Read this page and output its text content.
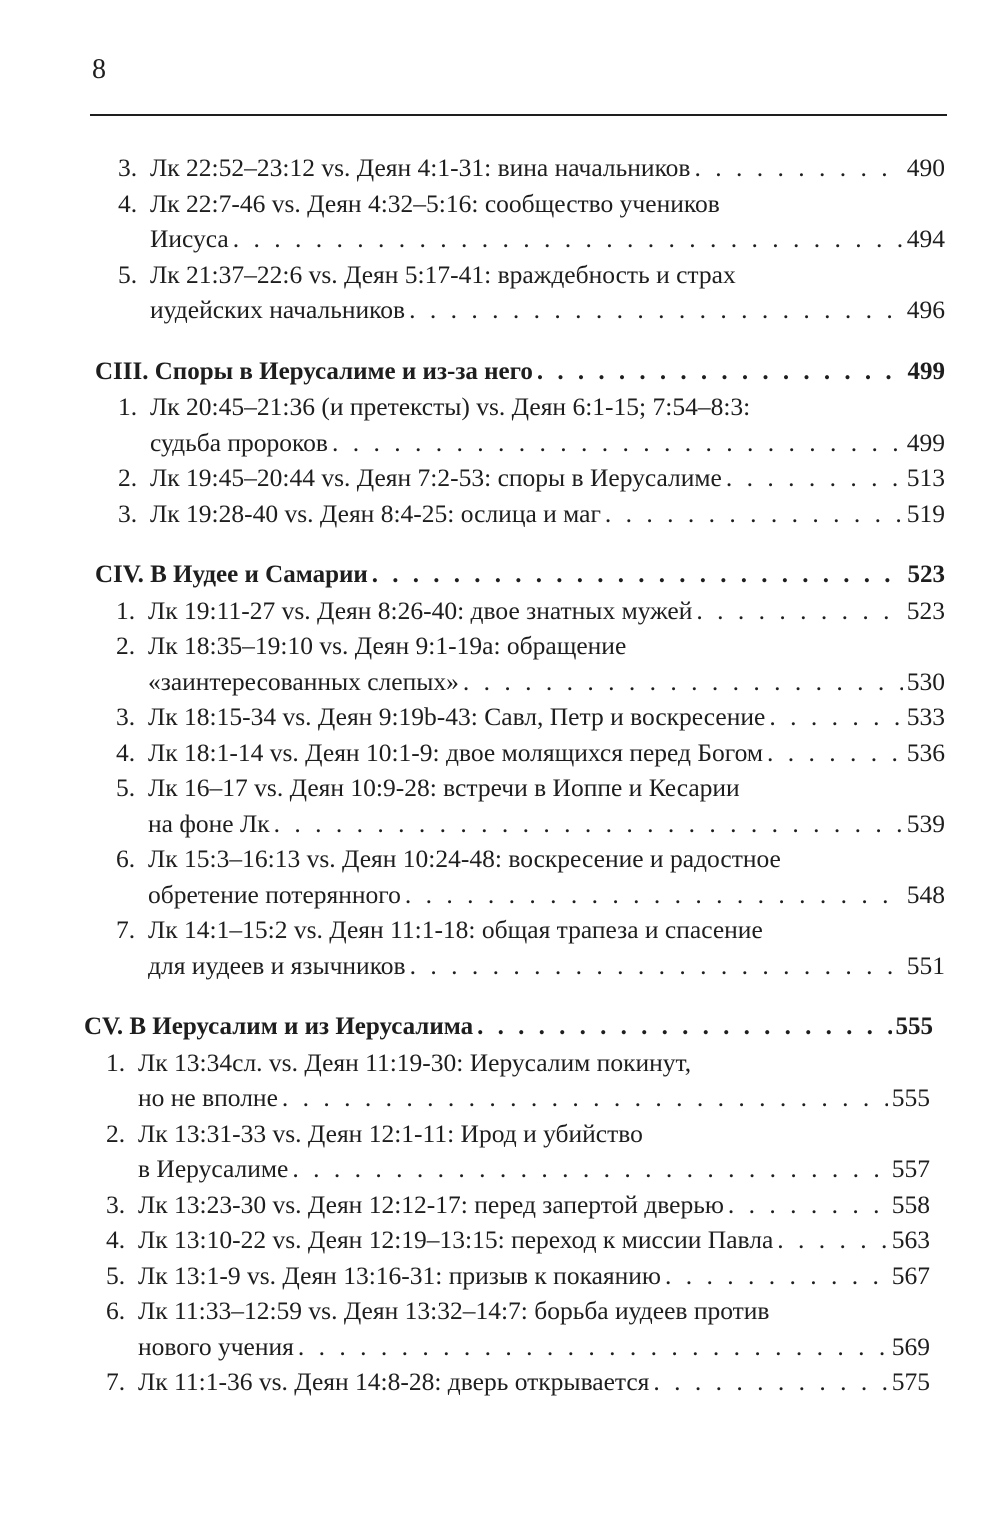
8
3. Лк 22:52–23:12 vs. Деян 4:1-31: вина начальников . . .	490
4. Лк 22:7-46 vs. Деян 4:32–5:16: сообщество учеников
Иисуса . . .	494
5. Лк 21:37–22:6 vs. Деян 5:17-41: враждебность и страх
иудейских начальников . . .	496
CIII. Споры в Иерусалиме и из-за него . . .	499
1. Лк 20:45–21:36 (и претексты) vs. Деян 6:1-15; 7:54–8:3:
судьба пророков . . .	499
2. Лк 19:45–20:44 vs. Деян 7:2-53: споры в Иерусалиме . . .	513
3. Лк 19:28-40 vs. Деян 8:4-25: ослица и маг . . .	519
CIV. В Иудее и Самарии . . .	523
1. Лк 19:11-27 vs. Деян 8:26-40: двое знатных мужей . . .	523
2. Лк 18:35–19:10 vs. Деян 9:1-19а: обращение
«заинтересованных слепых» . . .	530
3. Лк 18:15-34 vs. Деян 9:19b-43: Савл, Петр и воскресение . . .	533
4. Лк 18:1-14 vs. Деян 10:1-9: двое молящихся перед Богом . . .	536
5. Лк 16–17 vs. Деян 10:9-28: встречи в Иоппе и Кесарии
на фоне Лк . . .	539
6. Лк 15:3–16:13 vs. Деян 10:24-48: воскресение и радостное
обретение потерянного . . .	548
7. Лк 14:1–15:2 vs. Деян 11:1-18: общая трапеза и спасение
для иудеев и язычников . . .	551
CV. В Иерусалим и из Иерусалима . . .	555
1. Лк 13:34сл. vs. Деян 11:19-30: Иерусалим покинут,
но не вполне . . .	555
2. Лк 13:31-33 vs. Деян 12:1-11: Ирод и убийство
в Иерусалиме . . .	557
3. Лк 13:23-30 vs. Деян 12:12-17: перед запертой дверью . . .	558
4. Лк 13:10-22 vs. Деян 12:19–13:15: переход к миссии Павла . . .	563
5. Лк 13:1-9 vs. Деян 13:16-31: призыв к покаянию . . .	567
6. Лк 11:33–12:59 vs. Деян 13:32–14:7: борьба иудеев против
нового учения . . .	569
7. Лк 11:1-36 vs. Деян 14:8-28: дверь открывается . . .	575
